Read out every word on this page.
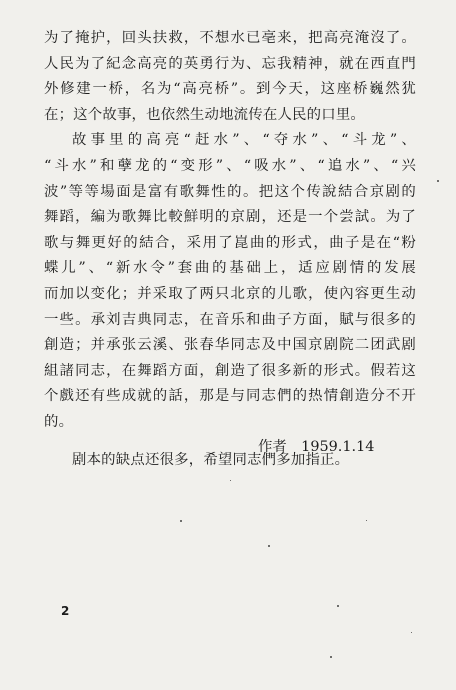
为了掩护，回头扶救，不想水已亳来，把高亮淹沒了。
人民为了紀念高亮的英勇行为、忘我精神，就在西直門
外修建一桥，名为“高亮桥”。到今天，这座桥巍然犹
在；这个故事，也依然生动地流传在人民的口里。
故事里的高亮“赶水”、“夺水”、“斗龙”、
“斗水”和孽龙的“变形”、“吸水”、“追水”、“兴
波”等等場面是富有歌舞性的。把这个传說結合京剧的
舞蹈，編为歌舞比較鮮明的京剧，还是一个尝試。为了
歌与舞更好的結合，采用了崑曲的形式，曲子是在“粉
蝶儿”、“新水令”套曲的基础上，适应剧情的发展
而加以变化；并采取了两只北京的儿歌，使內容更生动
一些。承刘吉典同志，在音乐和曲子方面，賦与很多的
創造；并承张云溪、张春华同志及中国京剧院二团武剧
組諸同志，在舞蹈方面，創造了很多新的形式。假若这
个戲还有些成就的話，那是与同志們的热情創造分不开
的。
剧本的缺点还很多，希望同志們多加指正。
作者　1959.1.14
2
